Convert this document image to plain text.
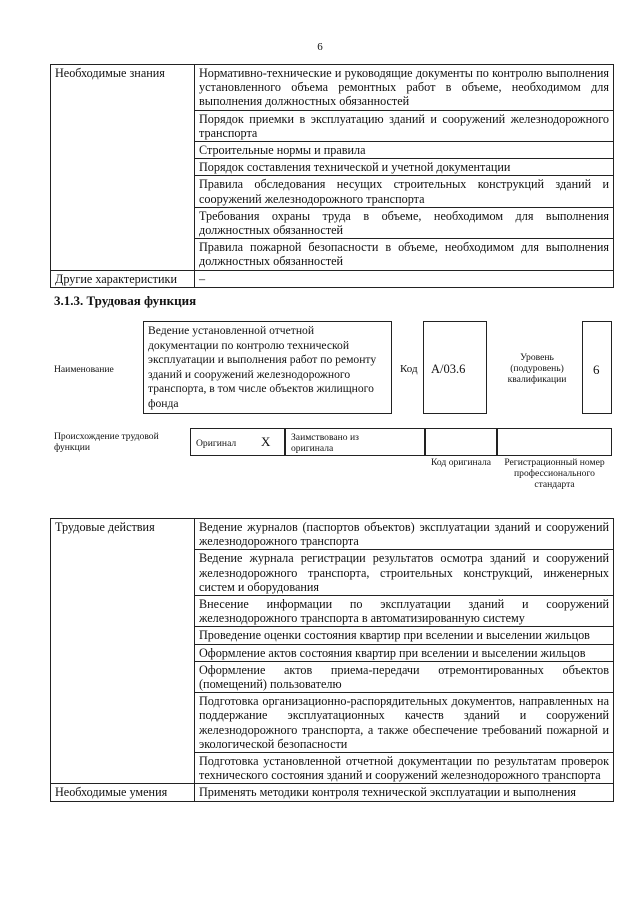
6
Необходимые знания	Нормативно-технические и руководящие документы по контролю выполнения установленного объема ремонтных работ в объеме, необходимом для выполнения должностных обязанностей
	Порядок приемки в эксплуатацию зданий и сооружений железнодорожного транспорта
	Строительные нормы и правила
	Порядок составления технической и учетной документации
	Правила обследования несущих строительных конструкций зданий и сооружений железнодорожного транспорта
	Требования охраны труда в объеме, необходимом для выполнения должностных обязанностей
	Правила пожарной безопасности в объеме, необходимом для выполнения должностных обязанностей
Другие характеристики	–
3.1.3. Трудовая функция
Наименование
Ведение установленной отчетной документации по контролю технической эксплуатации и выполнения работ по ремонту зданий и сооружений железнодорожного транспорта, в том числе объектов жилищного фонда
Код А/03.6
Уровень (подуровень) квалификации
6
Происхождение трудовой функции	Оригинал X Заимствовано из оригинала
Код оригинала	Регистрационный номер профессионального стандарта
Трудовые действия	Ведение журналов (паспортов объектов) эксплуатации зданий и сооружений железнодорожного транспорта
	Ведение журнала регистрации результатов осмотра зданий и сооружений железнодорожного транспорта, строительных конструкций, инженерных систем и оборудования
	Внесение информации по эксплуатации зданий и сооружений железнодорожного транспорта в автоматизированную систему
	Проведение оценки состояния квартир при вселении и выселении жильцов
	Оформление актов состояния квартир при вселении и выселении жильцов
	Оформление актов приема-передачи отремонтированных объектов (помещений) пользователю
	Подготовка организационно-распорядительных документов, направленных на поддержание эксплуатационных качеств зданий и сооружений железнодорожного транспорта, а также обеспечение требований пожарной и экологической безопасности
	Подготовка установленной отчетной документации по результатам проверок технического состояния зданий и сооружений железнодорожного транспорта
Необходимые умения	Применять методики контроля технической эксплуатации и выполнения
